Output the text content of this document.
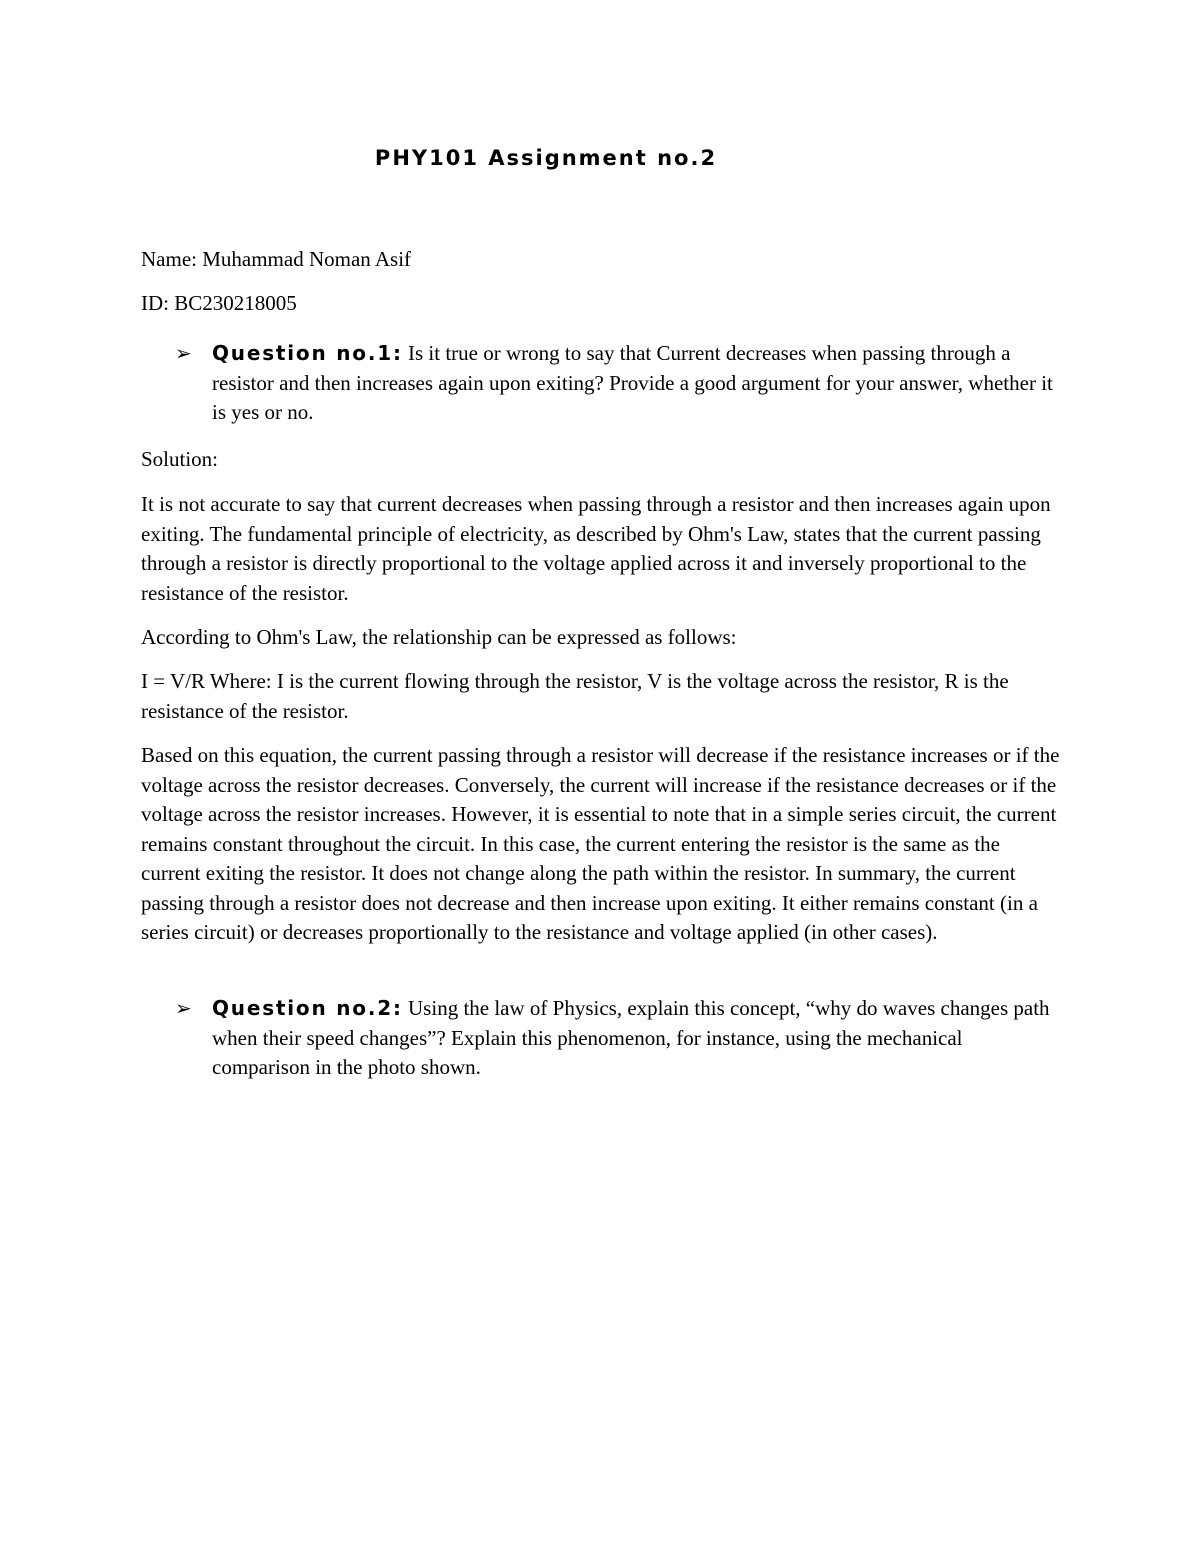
PHY101 Assignment no.2
Name: Muhammad Noman Asif
ID: BC230218005
➢ Question no.1: Is it true or wrong to say that Current decreases when passing through a resistor and then increases again upon exiting? Provide a good argument for your answer, whether it is yes or no.
Solution:

It is not accurate to say that current decreases when passing through a resistor and then increases again upon exiting. The fundamental principle of electricity, as described by Ohm's Law, states that the current passing through a resistor is directly proportional to the voltage applied across it and inversely proportional to the resistance of the resistor.

According to Ohm's Law, the relationship can be expressed as follows:

I = V/R Where: I is the current flowing through the resistor, V is the voltage across the resistor, R is the resistance of the resistor.

Based on this equation, the current passing through a resistor will decrease if the resistance increases or if the voltage across the resistor decreases. Conversely, the current will increase if the resistance decreases or if the voltage across the resistor increases. However, it is essential to note that in a simple series circuit, the current remains constant throughout the circuit. In this case, the current entering the resistor is the same as the current exiting the resistor. It does not change along the path within the resistor. In summary, the current passing through a resistor does not decrease and then increase upon exiting. It either remains constant (in a series circuit) or decreases proportionally to the resistance and voltage applied (in other cases).

➢ Question no.2: Using the law of Physics, explain this concept, “why do waves changes path when their speed changes”? Explain this phenomenon, for instance, using the mechanical comparison in the photo shown.
